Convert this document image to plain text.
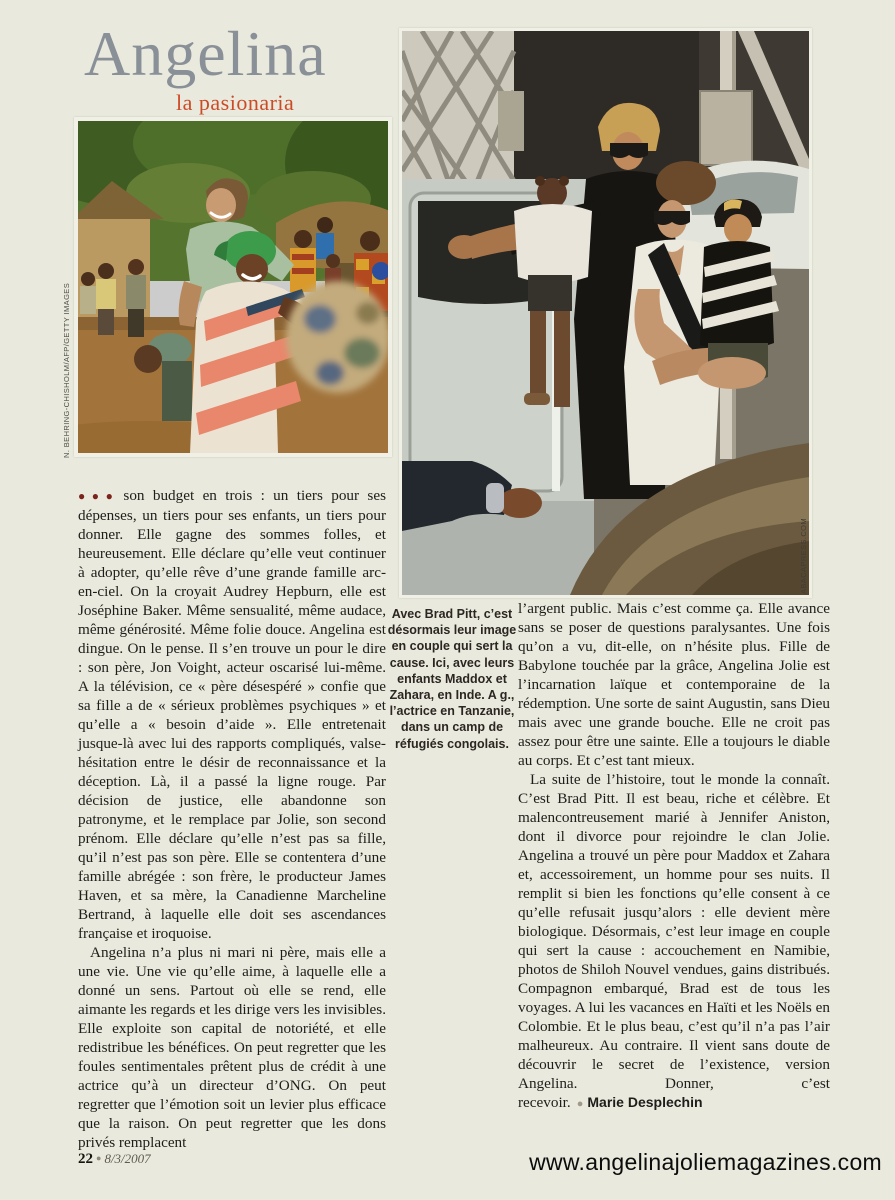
Angelina
la pasionaria
N. BEHRING-CHISHOLM/AFP/GETTY IMAGES
ABACAPRESS.COM
Avec Brad Pitt, c’est désormais leur image en couple qui sert la cause. Ici, avec leurs enfants Maddox et Zahara, en Inde. A g., l’actrice en Tanzanie, dans un camp de réfugiés congolais.

●●● son budget en trois : un tiers pour ses dépenses, un tiers pour ses enfants, un tiers pour donner. Elle gagne des sommes folles, et heureusement. Elle déclare qu’elle veut continuer à adopter, qu’elle rêve d’une grande famille arc-en-ciel. On la croyait Audrey Hepburn, elle est Joséphine Baker. Même sensualité, même audace, même générosité. Même folie douce. Angelina est dingue. On le pense. Il s’en trouve un pour le dire : son père, Jon Voight, acteur oscarisé lui-même. A la télévision, ce « père désespéré » confie que sa fille a de « sérieux problèmes psychiques » et qu’elle a « besoin d’aide ». Elle entretenait jusque-là avec lui des rapports compliqués, valse-hésitation entre le désir de reconnaissance et la déception. Là, il a passé la ligne rouge. Par décision de justice, elle abandonne son patronyme, et le remplace par Jolie, son second prénom. Elle déclare qu’elle n’est pas sa fille, qu’il n’est pas son père. Elle se contentera d’une famille abrégée : son frère, le producteur James Haven, et sa mère, la Canadienne Marcheline Bertrand, à laquelle elle doit ses ascendances française et iroquoise.

Angelina n’a plus ni mari ni père, mais elle a une vie. Une vie qu’elle aime, à laquelle elle a donné un sens. Partout où elle se rend, elle aimante les regards et les dirige vers les invisibles. Elle exploite son capital de notoriété, et elle redistribue les bénéfices. On peut regretter que les foules sentimentales prêtent plus de crédit à une actrice qu’à un directeur d’ONG. On peut regretter que l’émotion soit un levier plus efficace que la raison. On peut regretter que les dons privés remplacent

l’argent public. Mais c’est comme ça. Elle avance sans se poser de questions paralysantes. Une fois qu’on a vu, dit-elle, on n’hésite plus. Fille de Babylone touchée par la grâce, Angelina Jolie est l’incarnation laïque et contemporaine de la rédemption. Une sorte de saint Augustin, sans Dieu mais avec une grande bouche. Elle ne croit pas assez pour être une sainte. Elle a toujours le diable au corps. Et c’est tant mieux.

La suite de l’histoire, tout le monde la connaît. C’est Brad Pitt. Il est beau, riche et célèbre. Et malencontreusement marié à Jennifer Aniston, dont il divorce pour rejoindre le clan Jolie. Angelina a trouvé un père pour Maddox et Zahara et, accessoirement, un homme pour ses nuits. Il remplit si bien les fonctions qu’elle consent à ce qu’elle refusait jusqu’alors : elle devient mère biologique. Désormais, c’est leur image en couple qui sert la cause : accouchement en Namibie, photos de Shiloh Nouvel vendues, gains distribués. Compagnon embarqué, Brad est de tous les voyages. A lui les vacances en Haïti et les Noëls en Colombie. Et le plus beau, c’est qu’il n’a pas l’air malheureux. Au contraire. Il vient sans doute de découvrir le secret de l’existence, version Angelina. Donner, c’est recevoir. ● Marie Desplechin

22 ● 8/3/2007	www.angelinajoliemagazines.com
